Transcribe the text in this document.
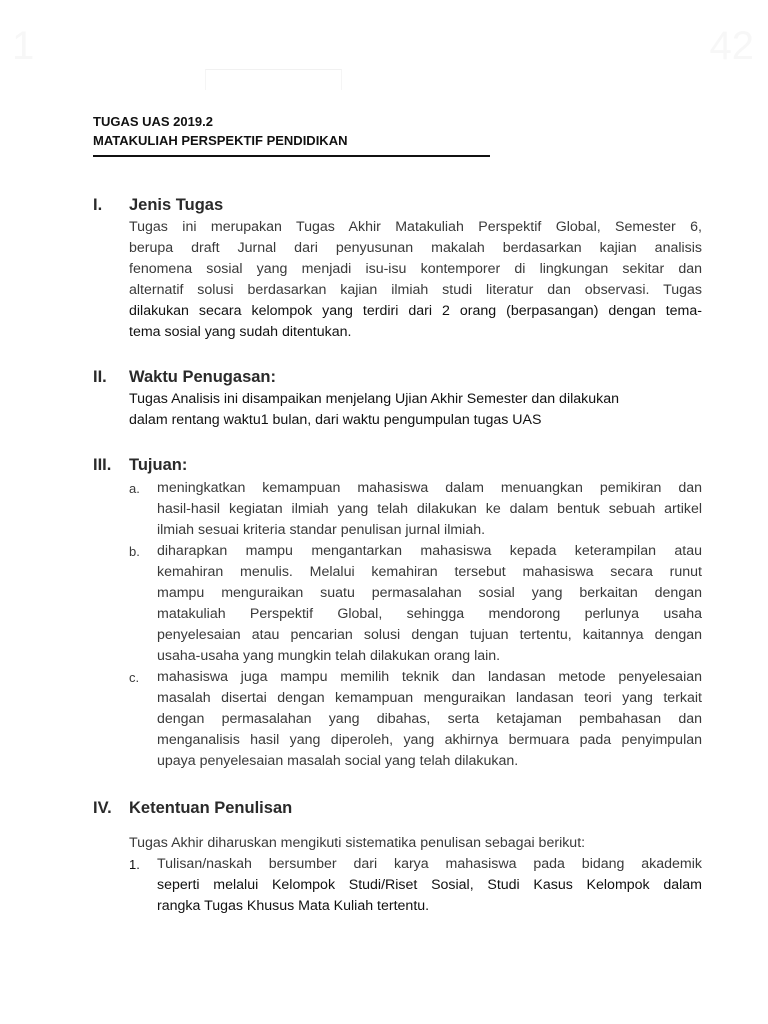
1	42
TUGAS UAS 2019.2
MATAKULIAH PERSPEKTIF PENDIDIKAN
I. Jenis Tugas
Tugas ini merupakan Tugas Akhir Matakuliah Perspektif Global, Semester 6,
berupa draft Jurnal dari penyusunan makalah berdasarkan kajian analisis
fenomena sosial yang menjadi isu-isu kontemporer di lingkungan sekitar dan
alternatif solusi berdasarkan kajian ilmiah studi literatur dan observasi. Tugas
dilakukan secara kelompok yang terdiri dari 2 orang (berpasangan) dengan tema-
tema sosial yang sudah ditentukan.
II. Waktu Penugasan:
Tugas Analisis ini disampaikan menjelang Ujian Akhir Semester dan dilakukan
dalam rentang waktu1 bulan, dari waktu pengumpulan tugas UAS
III. Tujuan:
a. meningkatkan kemampuan mahasiswa dalam menuangkan pemikiran dan
hasil-hasil kegiatan ilmiah yang telah dilakukan ke dalam bentuk sebuah artikel
ilmiah sesuai kriteria standar penulisan jurnal ilmiah.
b. diharapkan mampu mengantarkan mahasiswa kepada keterampilan atau
kemahiran menulis. Melalui kemahiran tersebut mahasiswa secara runut
mampu menguraikan suatu permasalahan sosial yang berkaitan dengan
matakuliah Perspektif Global, sehingga mendorong perlunya usaha
penyelesaian atau pencarian solusi dengan tujuan tertentu, kaitannya dengan
usaha-usaha yang mungkin telah dilakukan orang lain.
c. mahasiswa juga mampu memilih teknik dan landasan metode penyelesaian
masalah disertai dengan kemampuan menguraikan landasan teori yang terkait
dengan permasalahan yang dibahas, serta ketajaman pembahasan dan
menganalisis hasil yang diperoleh, yang akhirnya bermuara pada penyimpulan
upaya penyelesaian masalah social yang telah dilakukan.
IV. Ketentuan Penulisan
Tugas Akhir diharuskan mengikuti sistematika penulisan sebagai berikut:
1. Tulisan/naskah bersumber dari karya mahasiswa pada bidang akademik
seperti melalui Kelompok Studi/Riset Sosial, Studi Kasus Kelompok dalam
rangka Tugas Khusus Mata Kuliah tertentu.
